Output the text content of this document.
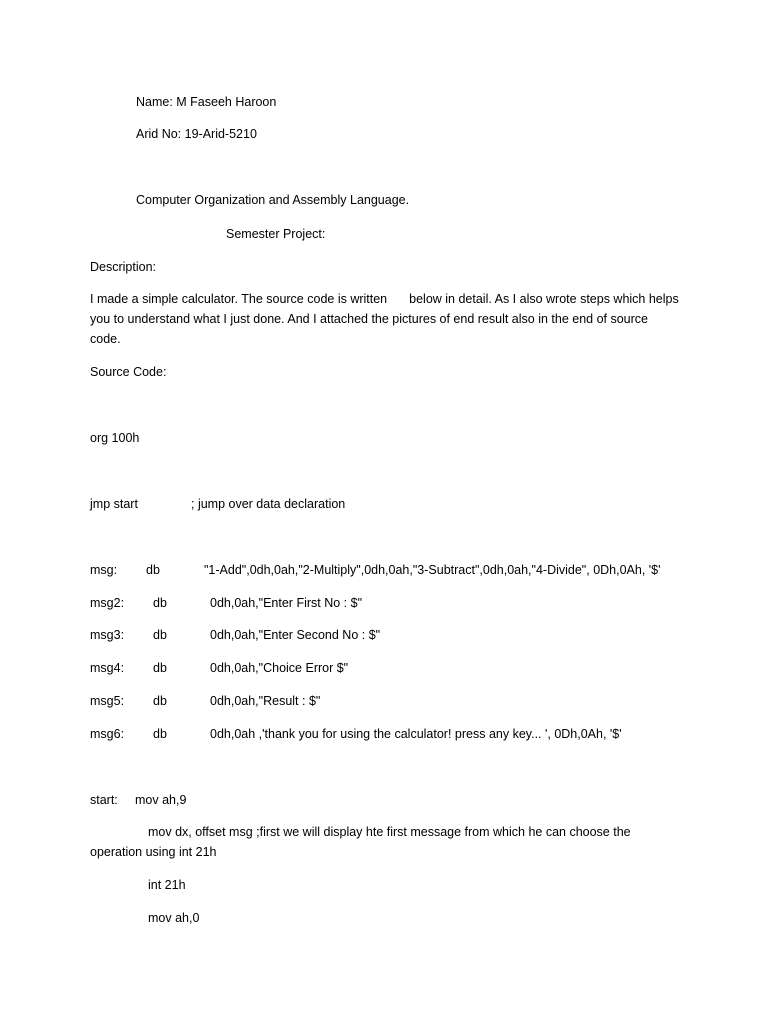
Name: M Faseeh Haroon
Arid No: 19-Arid-5210
Computer Organization and Assembly Language.
Semester Project:
Description:
I made a simple calculator. The source code is written below in detail. As I also wrote steps which helps you to understand what I just done. And I attached the pictures of end result also in the end of source code.
Source Code:
org 100h
jmp start	; jump over data declaration
msg: db	"1-Add",0dh,0ah,"2-Multiply",0dh,0ah,"3-Subtract",0dh,0ah,"4-Divide", 0Dh,0Ah, '$'
msg2: db	0dh,0ah,"Enter First No : $"
msg3: db	0dh,0ah,"Enter Second No : $"
msg4: db	0dh,0ah,"Choice Error $"
msg5: db	0dh,0ah,"Result : $"
msg6: db	0dh,0ah ,'thank you for using the calculator! press any key... ', 0Dh,0Ah, '$'
start: mov ah,9
mov dx, offset msg ;first we will display hte first message from which he can choose the
operation using int 21h
int 21h
mov ah,0
